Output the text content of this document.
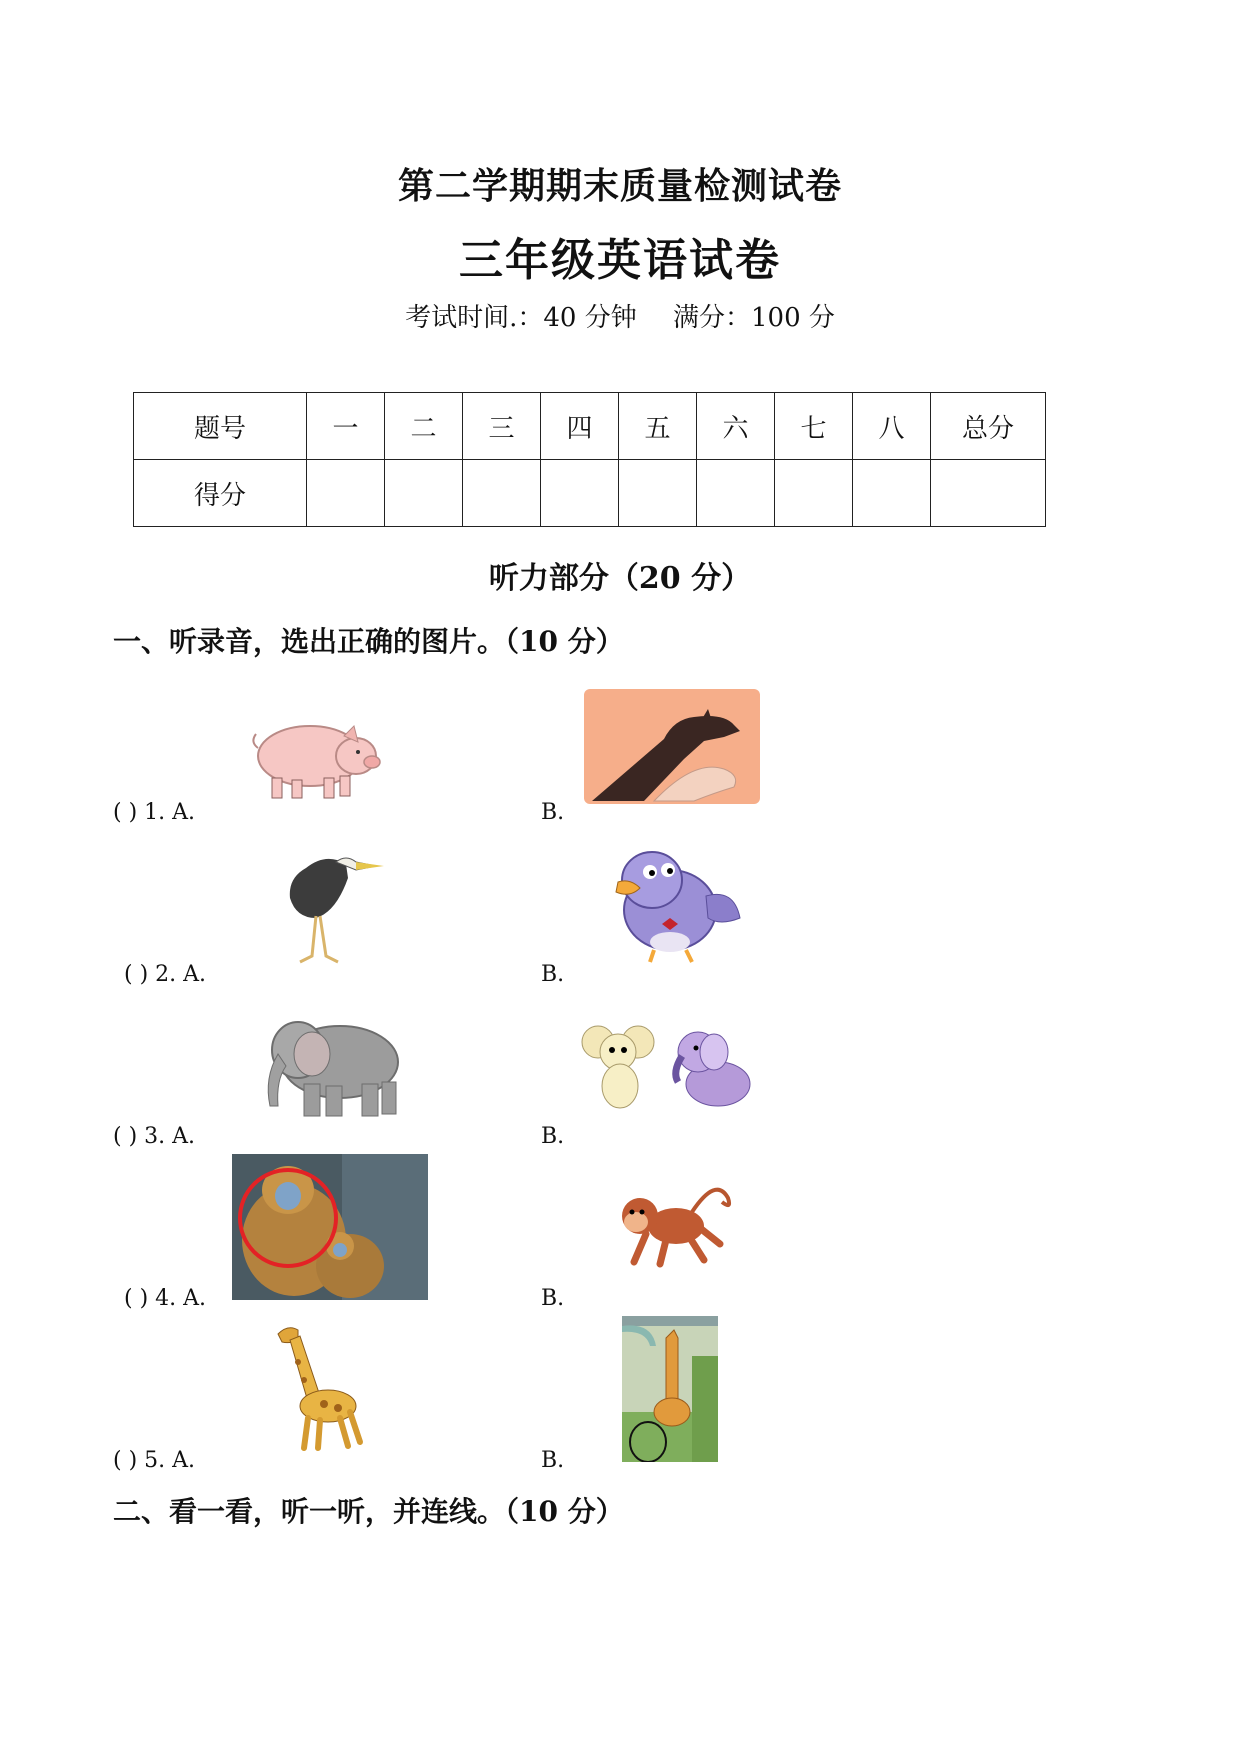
第二学期期末质量检测试卷
三年级英语试卷
考试时间.：40 分钟 满分：100 分
题号	一	二	三	四	五	六	七	八	总分
得分									
听力部分（20 分）
一、听录音，选出正确的图片。（10 分）
( ) 1. A.	B.
( ) 2. A.	B.
( ) 3. A.	B.
( ) 4. A.	B.
( ) 5. A.	B.
二、看一看，听一听，并连线。（10 分）
